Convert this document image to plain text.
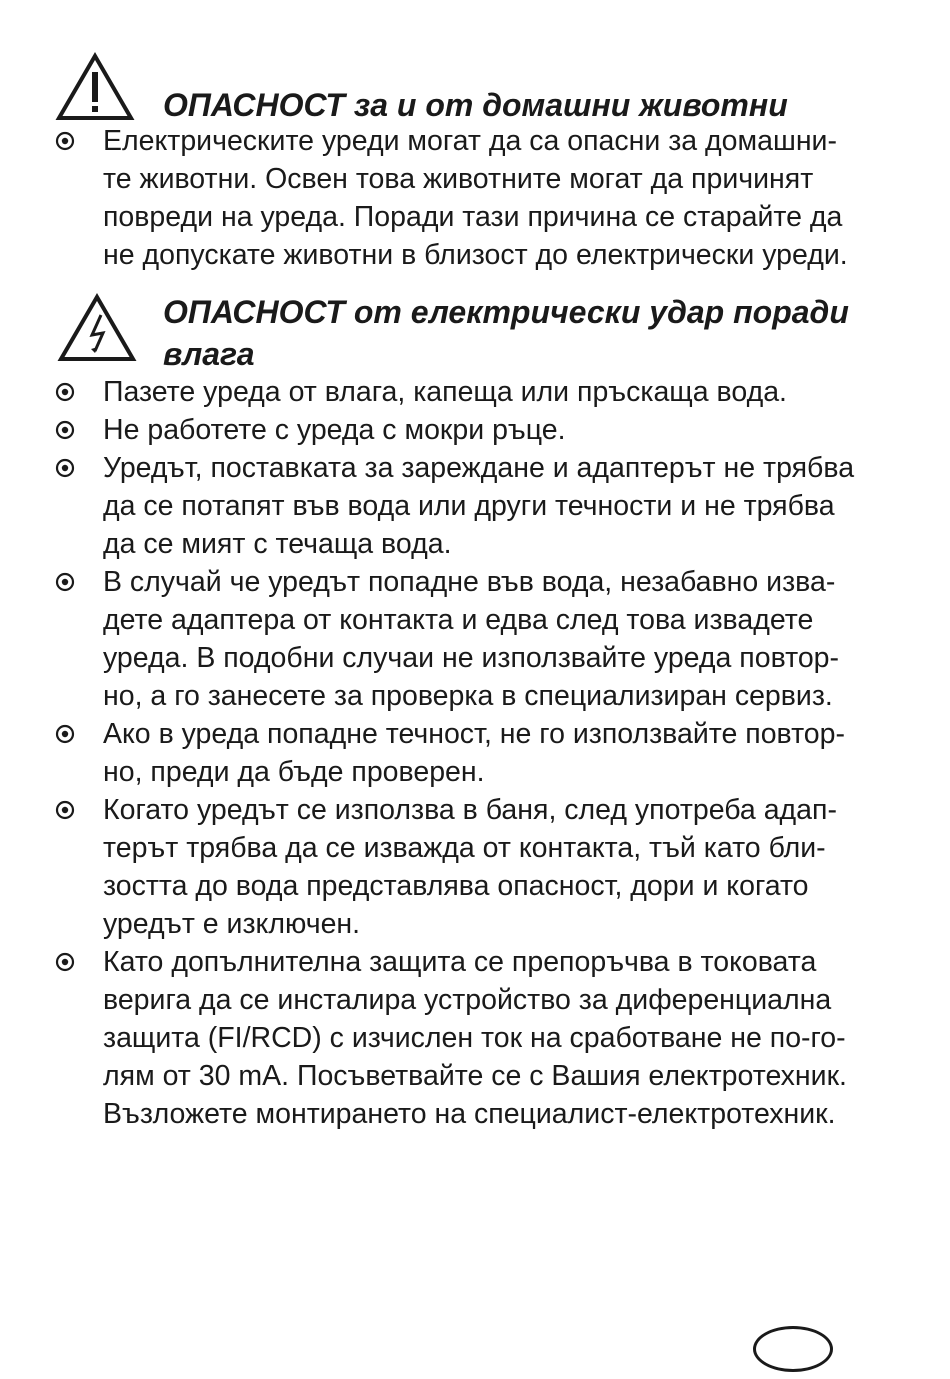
ОПАСНОСТ за и от домашни животни
Електрическите уреди могат да са опасни за домашни-
те животни. Освен това животните могат да причинят
повреди на уреда. Поради тази причина се старайте да
не допускате животни в близост до електрически уреди.
ОПАСНОСТ от електрически удар поради
влага
Пазете уреда от влага, капеща или пръскаща вода.
Не работете с уреда с мокри ръце.
Уредът, поставката за зареждане и адаптерът не трябва
да се потапят във вода или други течности и не трябва
да се мият с течаща вода.
В случай че уредът попадне във вода, незабавно изва-
дете адаптера от контакта и едва след това извадете
уреда. В подобни случаи не използвайте уреда повтор-
но, а го занесете за проверка в специализиран сервиз.
Ако в уреда попадне течност, не го използвайте повтор-
но, преди да бъде проверен.
Когато уредът се използва в баня, след употреба адап-
терът трябва да се изважда от контакта, тъй като бли-
зостта до вода представлява опасност, дори и когато
уредът е изключен.
Като допълнителна защита се препоръчва в токовата
верига да се инсталира устройство за диференциална
защита (FI/RCD) с изчислен ток на сработване не по-го-
лям от 30 mA. Посъветвайте се с Вашия електротехник.
Възложете монтирането на специалист-електротехник.
